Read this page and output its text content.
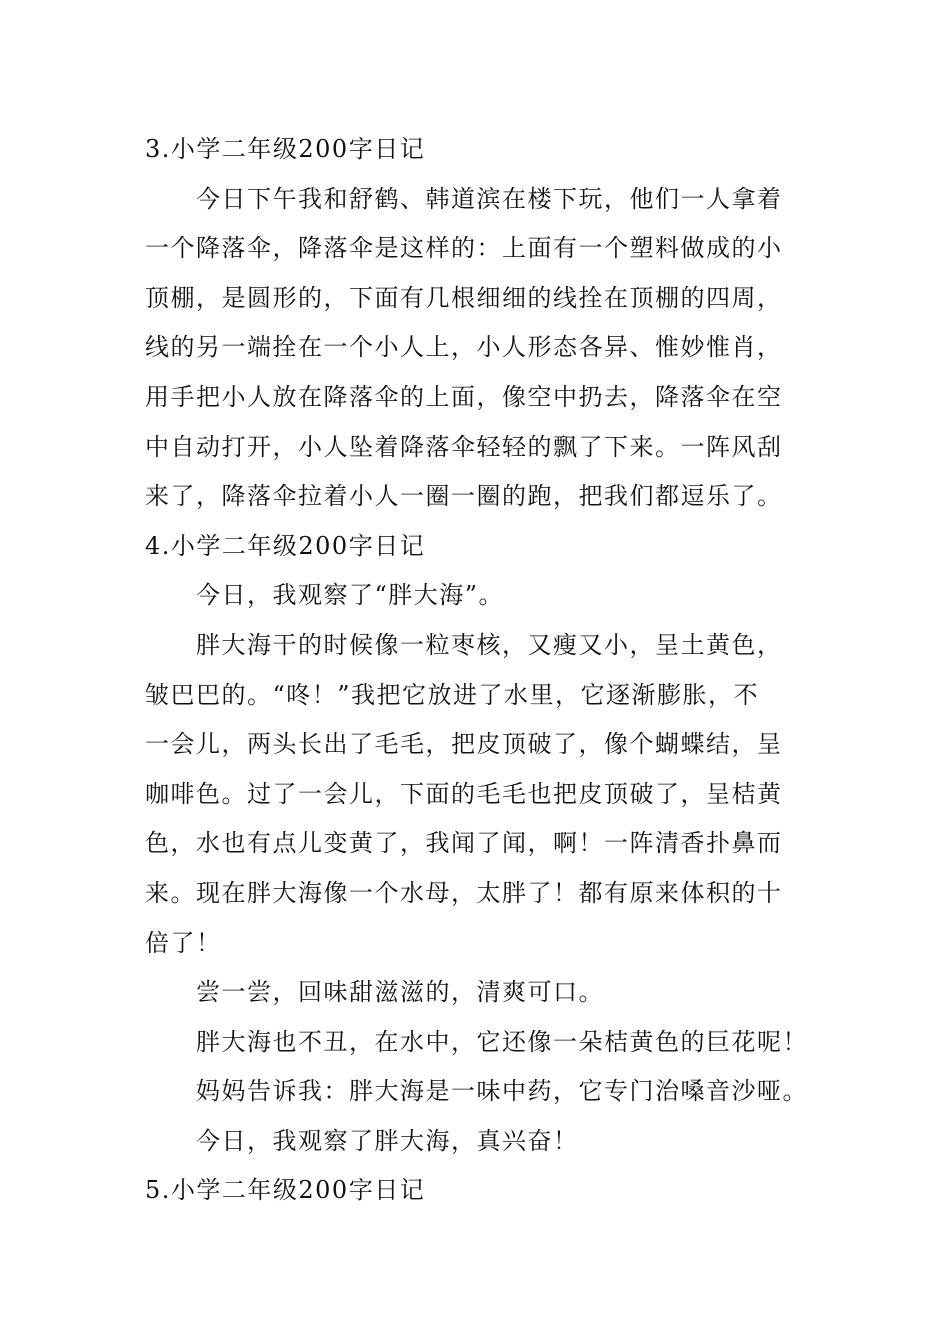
3.小学二年级200字日记
今日下午我和舒鹤、韩道滨在楼下玩，他们一人拿着
一个降落伞，降落伞是这样的：上面有一个塑料做成的小
顶棚，是圆形的，下面有几根细细的线拴在顶棚的四周，
线的另一端拴在一个小人上，小人形态各异、惟妙惟肖，
用手把小人放在降落伞的上面，像空中扔去，降落伞在空
中自动打开，小人坠着降落伞轻轻的飘了下来。一阵风刮
来了，降落伞拉着小人一圈一圈的跑，把我们都逗乐了。
4.小学二年级200字日记
今日，我观察了“胖大海”。
胖大海干的时候像一粒枣核，又瘦又小，呈土黄色，
皱巴巴的。“咚！”我把它放进了水里，它逐渐膨胀，不
一会儿，两头长出了毛毛，把皮顶破了，像个蝴蝶结，呈
咖啡色。过了一会儿，下面的毛毛也把皮顶破了，呈桔黄
色，水也有点儿变黄了，我闻了闻，啊！一阵清香扑鼻而
来。现在胖大海像一个水母，太胖了！都有原来体积的十
倍了！
尝一尝，回味甜滋滋的，清爽可口。
胖大海也不丑，在水中，它还像一朵桔黄色的巨花呢！
妈妈告诉我：胖大海是一味中药，它专门治嗓音沙哑。
今日，我观察了胖大海，真兴奋！
5.小学二年级200字日记
